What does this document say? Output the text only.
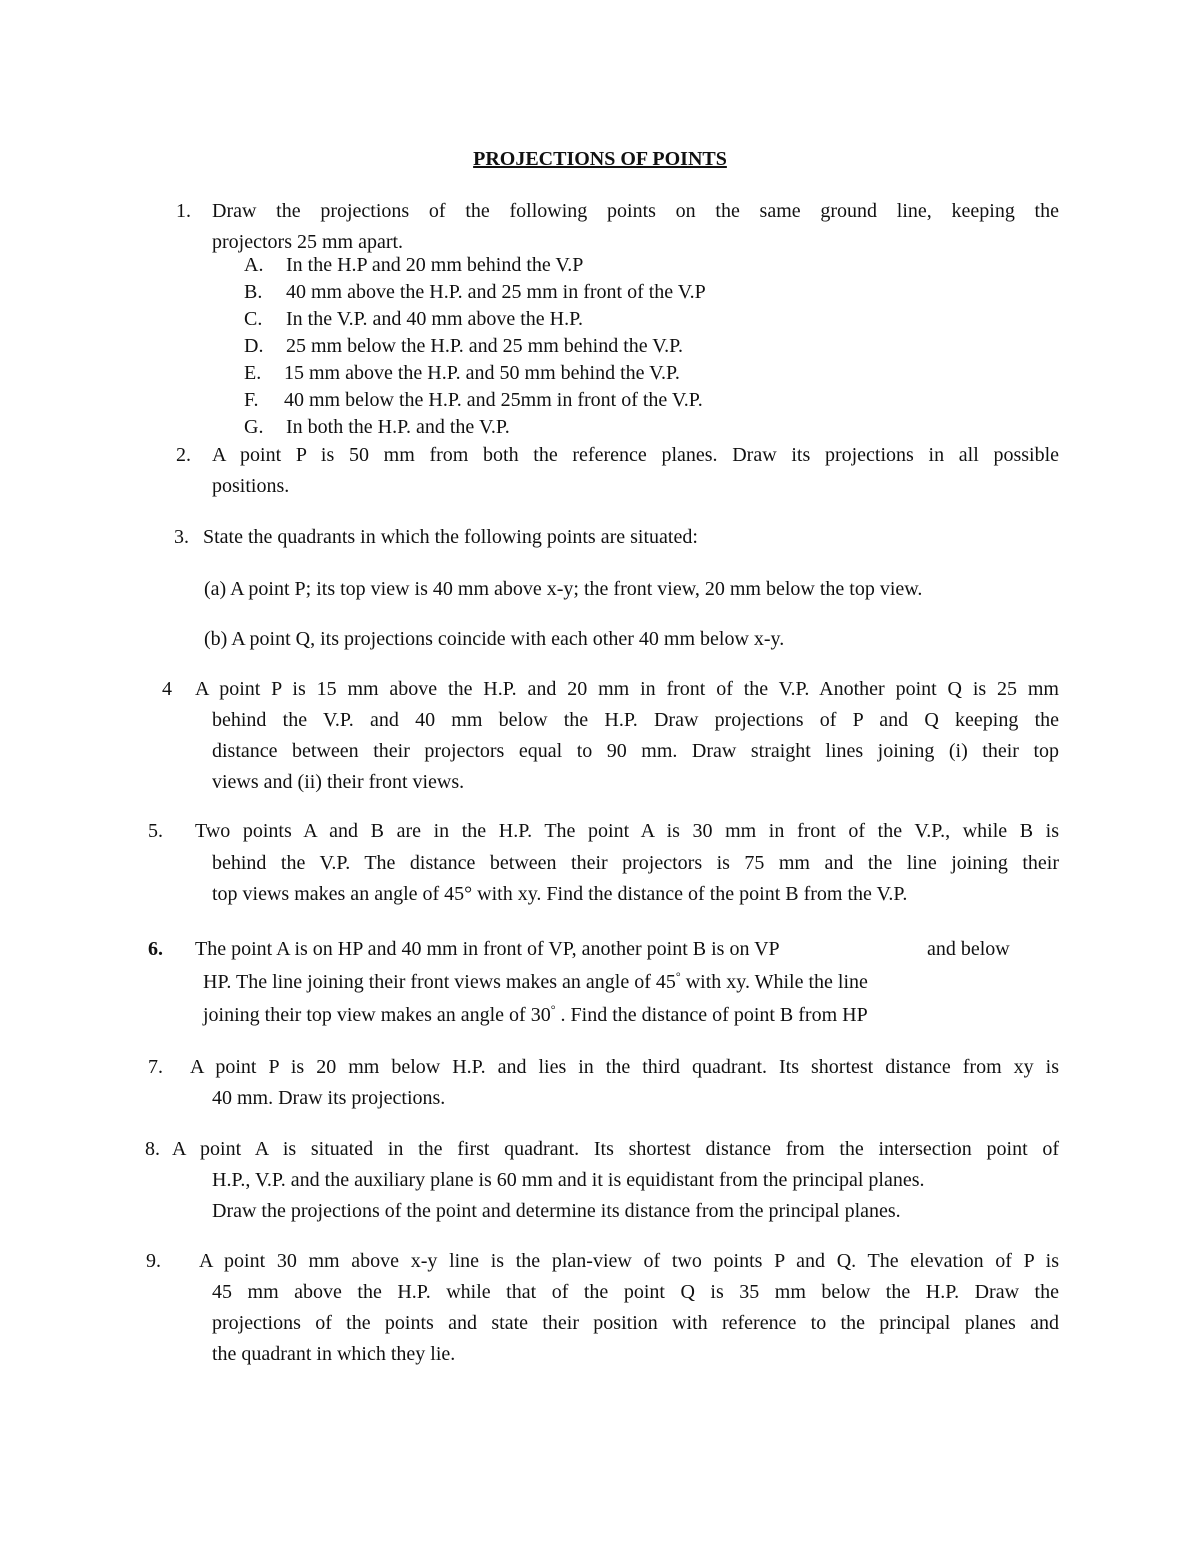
PROJECTIONS OF POINTS
1. Draw the projections of the following points on the same ground line, keeping the
projectors 25 mm apart.
A. In the H.P and 20 mm behind the V.P
B. 40 mm above the H.P. and 25 mm in front of the V.P
C. In the V.P. and 40 mm above the H.P.
D. 25 mm below the H.P. and 25 mm behind the V.P.
E. 15 mm above the H.P. and 50 mm behind the V.P.
F. 40 mm below the H.P. and 25mm in front of the V.P.
G. In both the H.P. and the V.P.
2. A point P is 50 mm from both the reference planes. Draw its projections in all possible
positions.
3. State the quadrants in which the following points are situated:
(a) A point P; its top view is 40 mm above x-y; the front view, 20 mm below the top view.
(b) A point Q, its projections coincide with each other 40 mm below x-y.
4 A point P is 15 mm above the H.P. and 20 mm in front of the V.P. Another point Q is 25 mm
behind the V.P. and 40 mm below the H.P. Draw projections of P and Q keeping the
distance between their projectors equal to 90 mm. Draw straight lines joining (i) their top
views and (ii) their front views.
5. Two points A and B are in the H.P. The point A is 30 mm in front of the V.P., while B is
behind the V.P. The distance between their projectors is 75 mm and the line joining their
top views makes an angle of 45° with xy. Find the distance of the point B from the V.P.
6. The point A is on HP and 40 mm in front of VP, another point B is on VP	and below
HP. The line joining their front views makes an angle of 45° with xy. While the line
joining their top view makes an angle of 30° . Find the distance of point B from HP
7. A point P is 20 mm below H.P. and lies in the third quadrant. Its shortest distance from xy is
40 mm. Draw its projections.
8. A point A is situated in the first quadrant. Its shortest distance from the intersection point of
H.P., V.P. and the auxiliary plane is 60 mm and it is equidistant from the principal planes.
Draw the projections of the point and determine its distance from the principal planes.
9. A point 30 mm above x-y line is the plan-view of two points P and Q. The elevation of P is
45 mm above the H.P. while that of the point Q is 35 mm below the H.P. Draw the
projections of the points and state their position with reference to the principal planes and
the quadrant in which they lie.
